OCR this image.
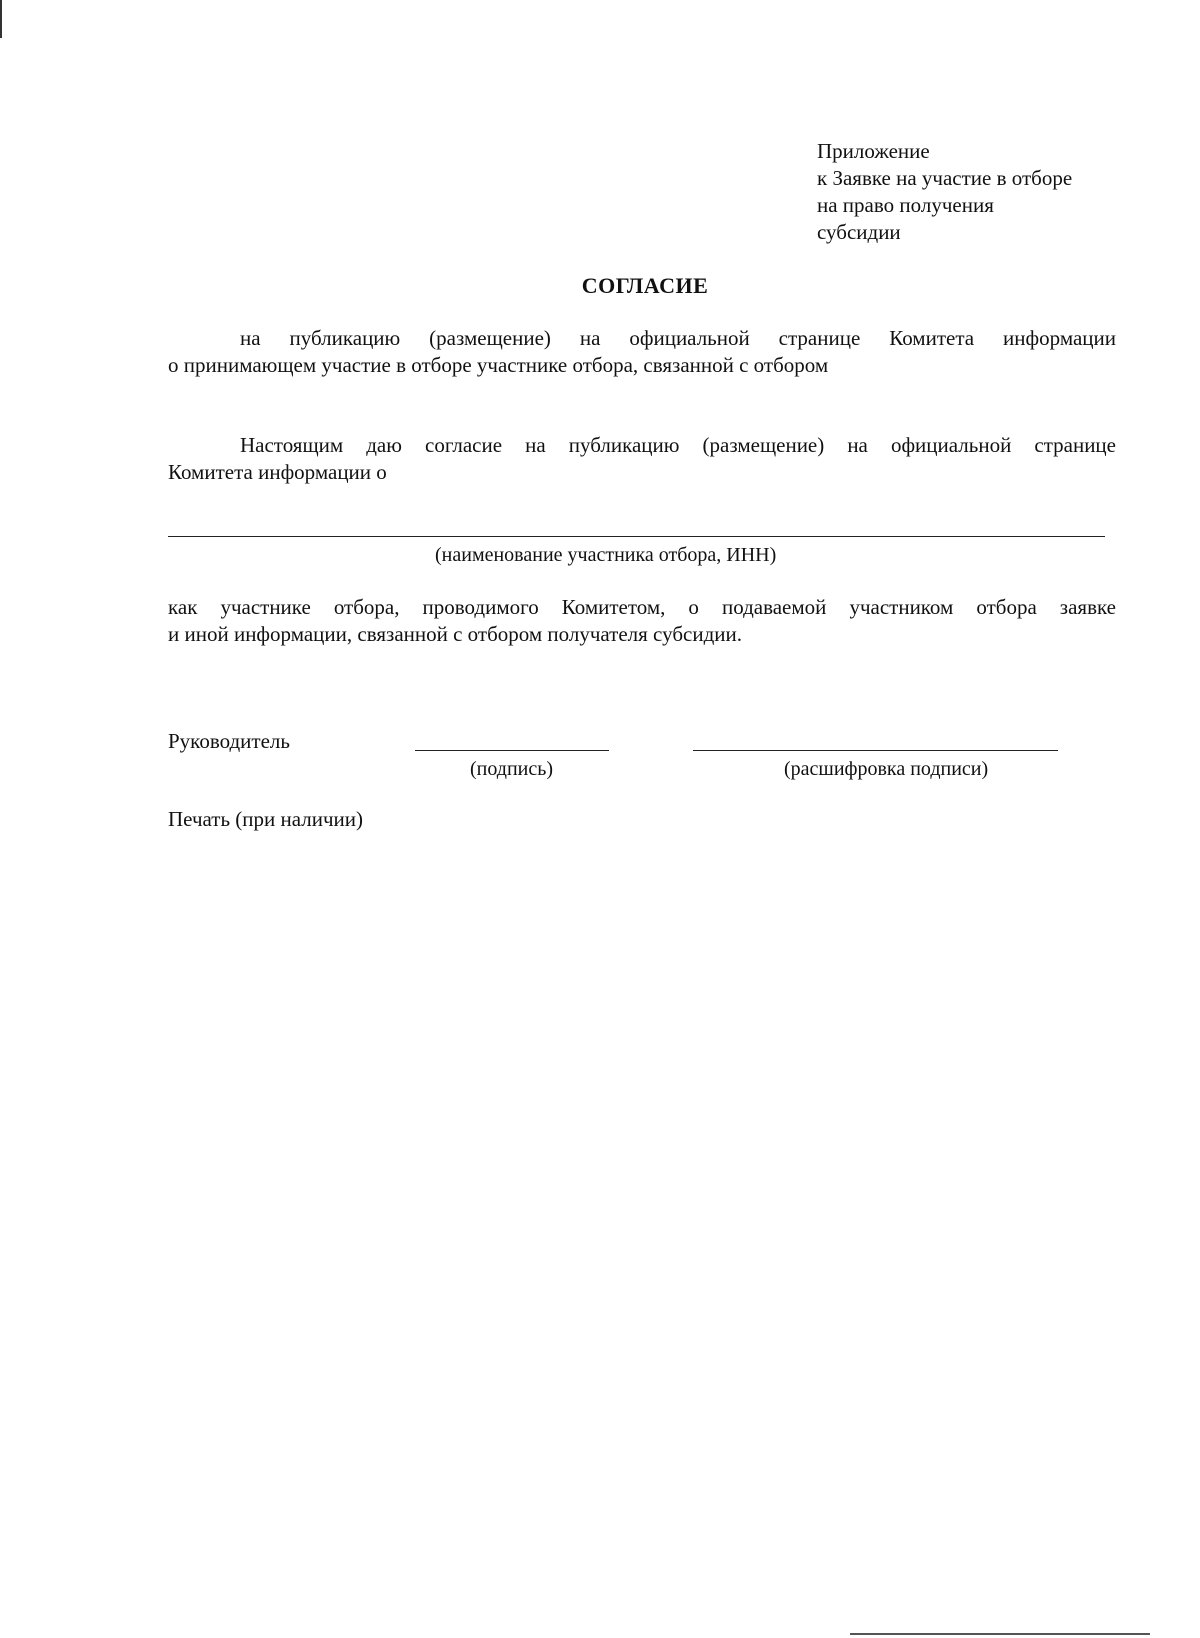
Приложение
к Заявке на участие в отборе
на право получения
субсидии
СОГЛАСИЕ
на публикацию (размещение) на официальной странице Комитета информации
о принимающем участие в отборе участнике отбора, связанной с отбором
Настоящим даю согласие на публикацию (размещение) на официальной странице
Комитета информации о
(наименование участника отбора, ИНН)
как участнике отбора, проводимого Комитетом, о подаваемой участником отбора заявке
и иной информации, связанной с отбором получателя субсидии.
Руководитель
(подпись)	(расшифровка подписи)
Печать (при наличии)
